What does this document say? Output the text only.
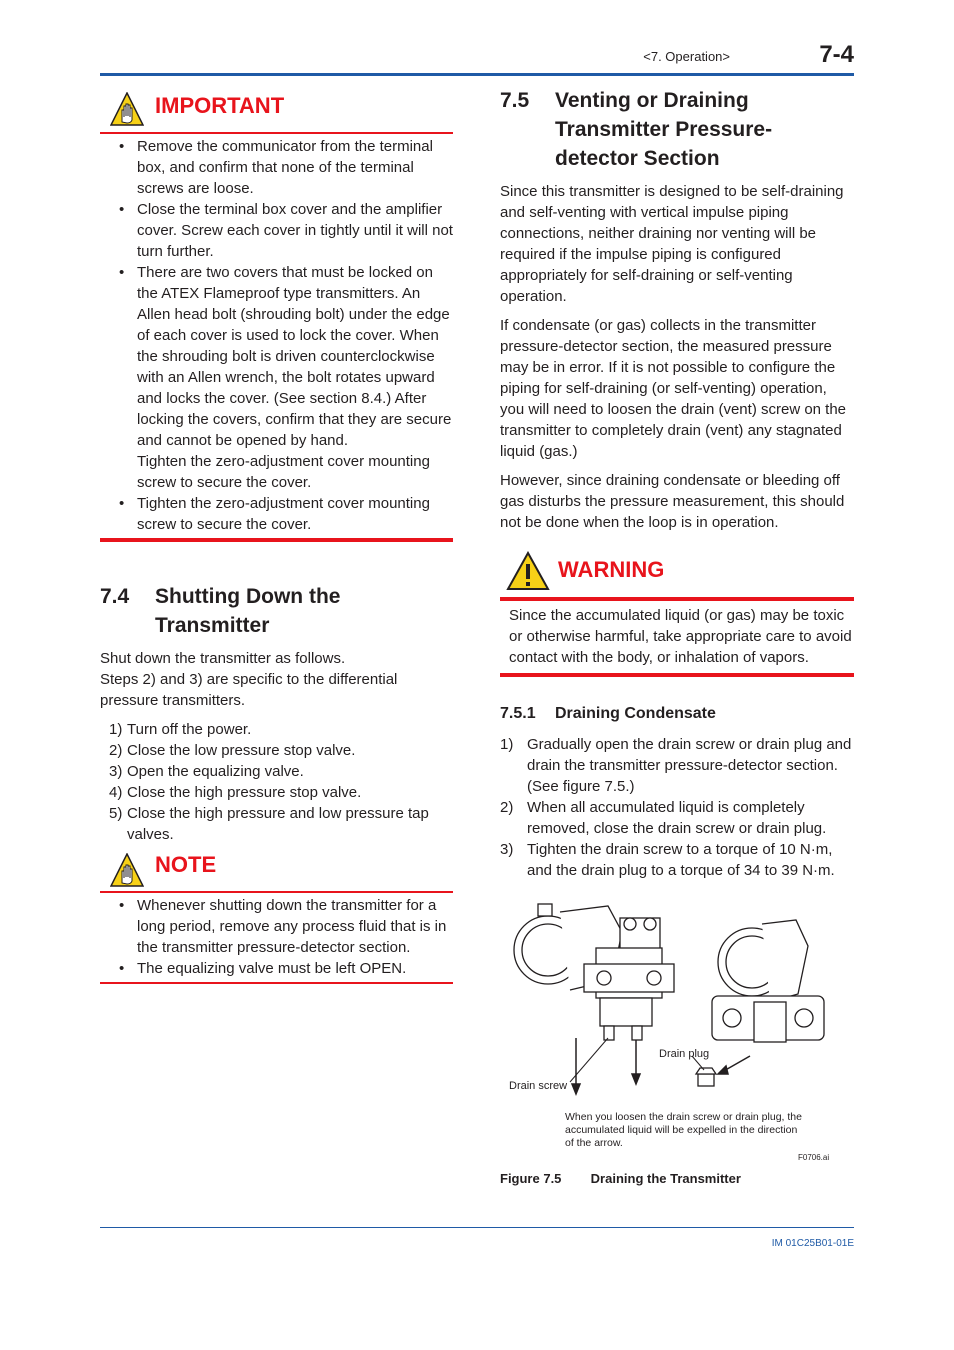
<7. Operation>	7-4
IMPORTANT
• Remove the communicator from the terminal box, and confirm that none of the terminal screws are loose.
• Close the terminal box cover and the amplifier cover. Screw each cover in tightly until it will not turn further.
• There are two covers that must be locked on the ATEX Flameproof type transmitters. An Allen head bolt (shrouding bolt) under the edge of each cover is used to lock the cover. When the shrouding bolt is driven counterclockwise with an Allen wrench, the bolt rotates upward and locks the cover. (See section 8.4.) After locking the covers, confirm that they are secure and cannot be opened by hand.
Tighten the zero-adjustment cover mounting screw to secure the cover.
• Tighten the zero-adjustment cover mounting screw to secure the cover.
7.4 Shutting Down the Transmitter

Shut down the transmitter as follows.

Steps 2) and 3) are specific to the differential pressure transmitters.

1) Turn off the power.
2) Close the low pressure stop valve.
3) Open the equalizing valve.
4) Close the high pressure stop valve.
5) Close the high pressure and low pressure tap valves.
NOTE
• Whenever shutting down the transmitter for a long period, remove any process fluid that is in the transmitter pressure-detector section.
• The equalizing valve must be left OPEN.
7.5 Venting or Draining Transmitter Pressure-detector Section

Since this transmitter is designed to be self-draining and self-venting with vertical impulse piping connections, neither draining nor venting will be required if the impulse piping is configured appropriately for self-draining or self-venting operation.

If condensate (or gas) collects in the transmitter pressure-detector section, the measured pressure may be in error. If it is not possible to configure the piping for self-draining (or self-venting) operation, you will need to loosen the drain (vent) screw on the transmitter to completely drain (vent) any stagnated liquid (gas.)

However, since draining condensate or bleeding off gas disturbs the pressure measurement, this should not be done when the loop is in operation.

WARNING

Since the accumulated liquid (or gas) may be toxic or otherwise harmful, take appropriate care to avoid contact with the body, or inhalation of vapors.

7.5.1 Draining Condensate
1) Gradually open the drain screw or drain plug and drain the transmitter pressure-detector section. (See figure 7.5.)
2) When all accumulated liquid is completely removed, close the drain screw or drain plug.
3) Tighten the drain screw to a torque of 10 N·m, and the drain plug to a torque of 34 to 39 N·m.
Drain plug
Drain screw
When you loosen the drain screw or drain plug, the accumulated liquid will be expelled in the direction of the arrow.
F0706.ai
Figure 7.5 Draining the Transmitter
IM 01C25B01-01E
